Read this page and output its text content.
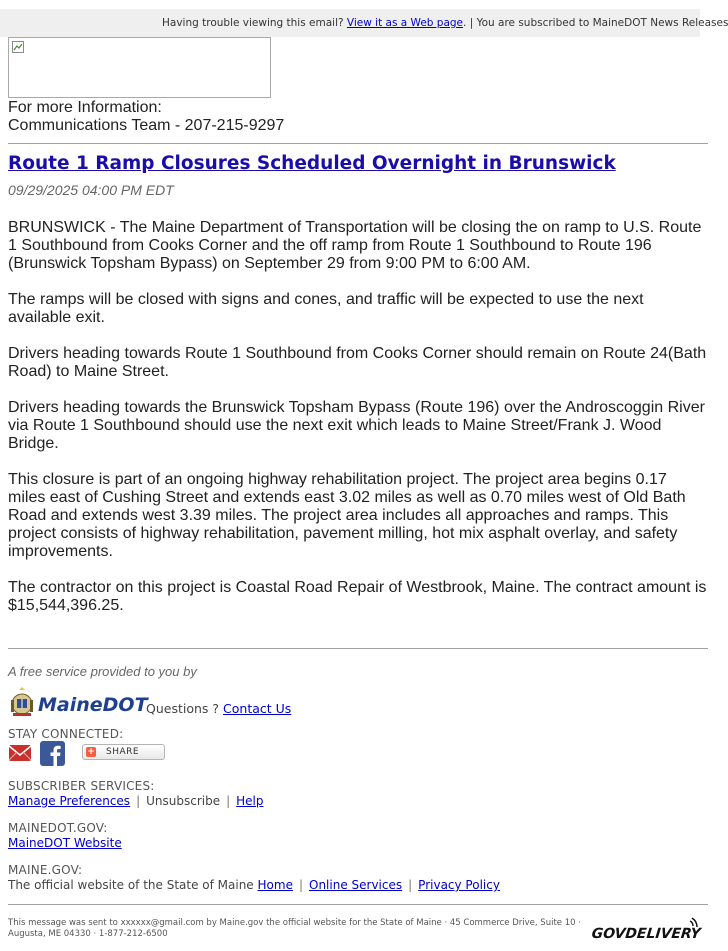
Having trouble viewing this email? View it as a Web page. | You are subscribed to MaineDOT News Releases
For more Information:
Communications Team - 207-215-9297
Route 1 Ramp Closures Scheduled Overnight in Brunswick
09/29/2025 04:00 PM EDT

BRUNSWICK - The Maine Department of Transportation will be closing the on ramp to U.S. Route 1 Southbound from Cooks Corner and the off ramp from Route 1 Southbound to Route 196 (Brunswick Topsham Bypass) on September 29 from 9:00 PM to 6:00 AM.

The ramps will be closed with signs and cones, and traffic will be expected to use the next available exit.

Drivers heading towards Route 1 Southbound from Cooks Corner should remain on Route 24(Bath Road) to Maine Street.

Drivers heading towards the Brunswick Topsham Bypass (Route 196) over the Androscoggin River via Route 1 Southbound should use the next exit which leads to Maine Street/Frank J. Wood Bridge.

This closure is part of an ongoing highway rehabilitation project. The project area begins 0.17 miles east of Cushing Street and extends east 3.02 miles as well as 0.70 miles west of Old Bath Road and extends west 3.39 miles. The project area includes all approaches and ramps. This project consists of highway rehabilitation, pavement milling, hot mix asphalt overlay, and safety improvements.

The contractor on this project is Coastal Road Repair of Westbrook, Maine. The contract amount is $15,544,396.25.

A free service provided to you by
MaineDOT
Questions ? Contact Us
STAY CONNECTED:
+ SHARE
SUBSCRIBER SERVICES:
Manage Preferences | Unsubscribe | Help
MAINEDOT.GOV:
MaineDOT Website
MAINE.GOV:
The official website of the State of Maine Home | Online Services | Privacy Policy
This message was sent to xxxxxx@gmail.com by Maine.gov the official website for the State of Maine · 45 Commerce Drive, Suite 10 · Augusta, ME 04330 · 1-877-212-6500	GOVDELIVERY
